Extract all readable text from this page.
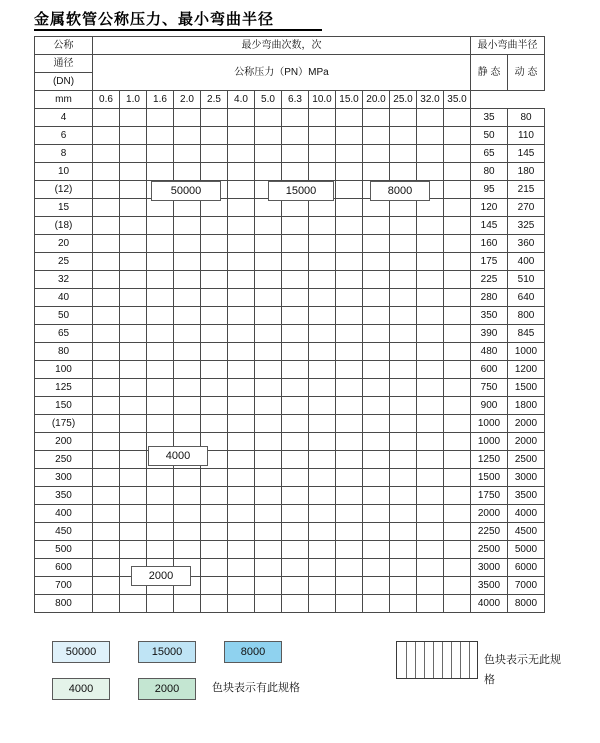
金属软管公称压力、最小弯曲半径
公称	最少弯曲次数，次														最小弯曲半径	
通径	公称压力（PN）MPa														静 态	动 态
(DN)																
mm	0.6	1.0	1.6	2.0	2.5	4.0	5.0	6.3	10.0	15.0	20.0	25.0	32.0	35.0		
4															35	80
6															50	110
8															65	145
10															80	180
(12)															95	215
15															120	270
(18)															145	325
20															160	360
25															175	400
32															225	510
40															280	640
50															350	800
65															390	845
80															480	1000
100															600	1200
125															750	1500
150															900	1800
(175)															1000	2000
200															1000	2000
250															1250	2500
300															1500	3000
350															1750	3500
400															2000	4000
450															2250	4500
500															2500	5000
600															3000	6000
700															3500	7000
800															4000	8000
50000	15000	8000
4000
2000
50000	15000	8000
4000	2000	色块表示有此规格
色块表示无此规格
